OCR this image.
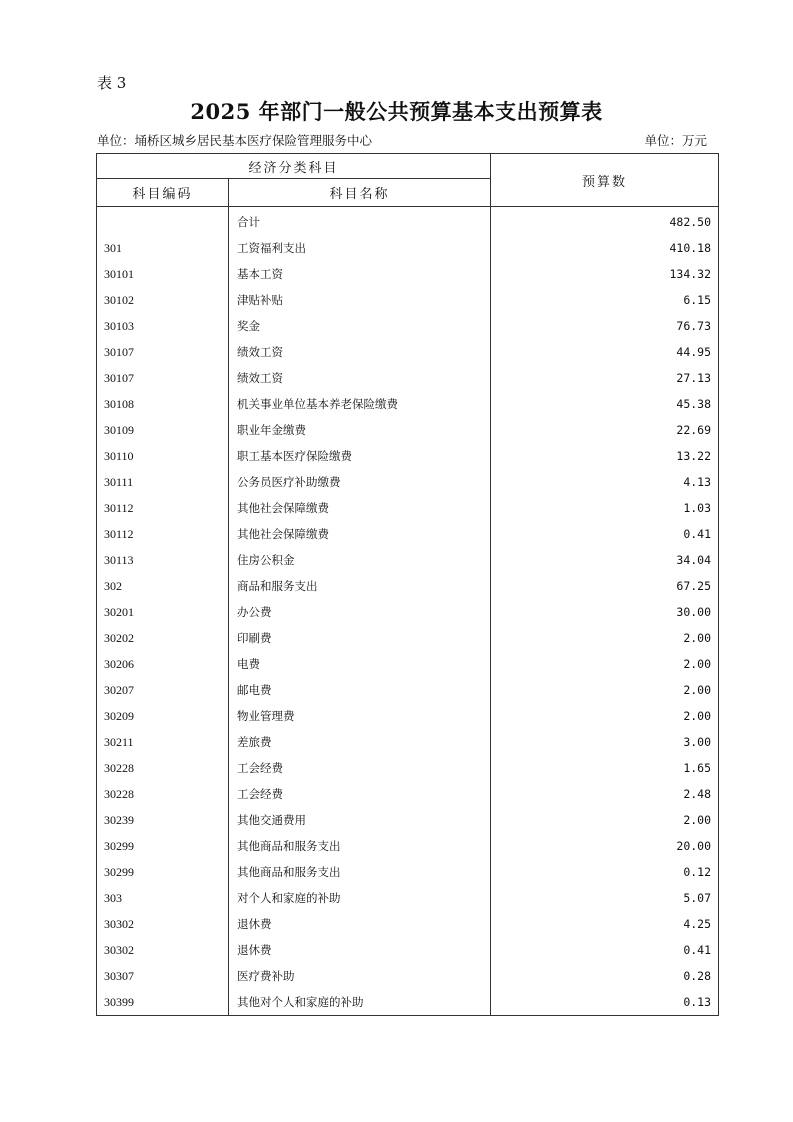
表 3
2025 年部门一般公共预算基本支出预算表
单位：埇桥区城乡居民基本医疗保险管理服务中心	单位：万元
经济分类科目		预算数
科目编码	科目名称	
	合计	482.50
301	工资福利支出	410.18
30101	基本工资	134.32
30102	津贴补贴	6.15
30103	奖金	76.73
30107	绩效工资	44.95
30107	绩效工资	27.13
30108	机关事业单位基本养老保险缴费	45.38
30109	职业年金缴费	22.69
30110	职工基本医疗保险缴费	13.22
30111	公务员医疗补助缴费	4.13
30112	其他社会保障缴费	1.03
30112	其他社会保障缴费	0.41
30113	住房公积金	34.04
302	商品和服务支出	67.25
30201	办公费	30.00
30202	印刷费	2.00
30206	电费	2.00
30207	邮电费	2.00
30209	物业管理费	2.00
30211	差旅费	3.00
30228	工会经费	1.65
30228	工会经费	2.48
30239	其他交通费用	2.00
30299	其他商品和服务支出	20.00
30299	其他商品和服务支出	0.12
303	对个人和家庭的补助	5.07
30302	退休费	4.25
30302	退休费	0.41
30307	医疗费补助	0.28
30399	其他对个人和家庭的补助	0.13
